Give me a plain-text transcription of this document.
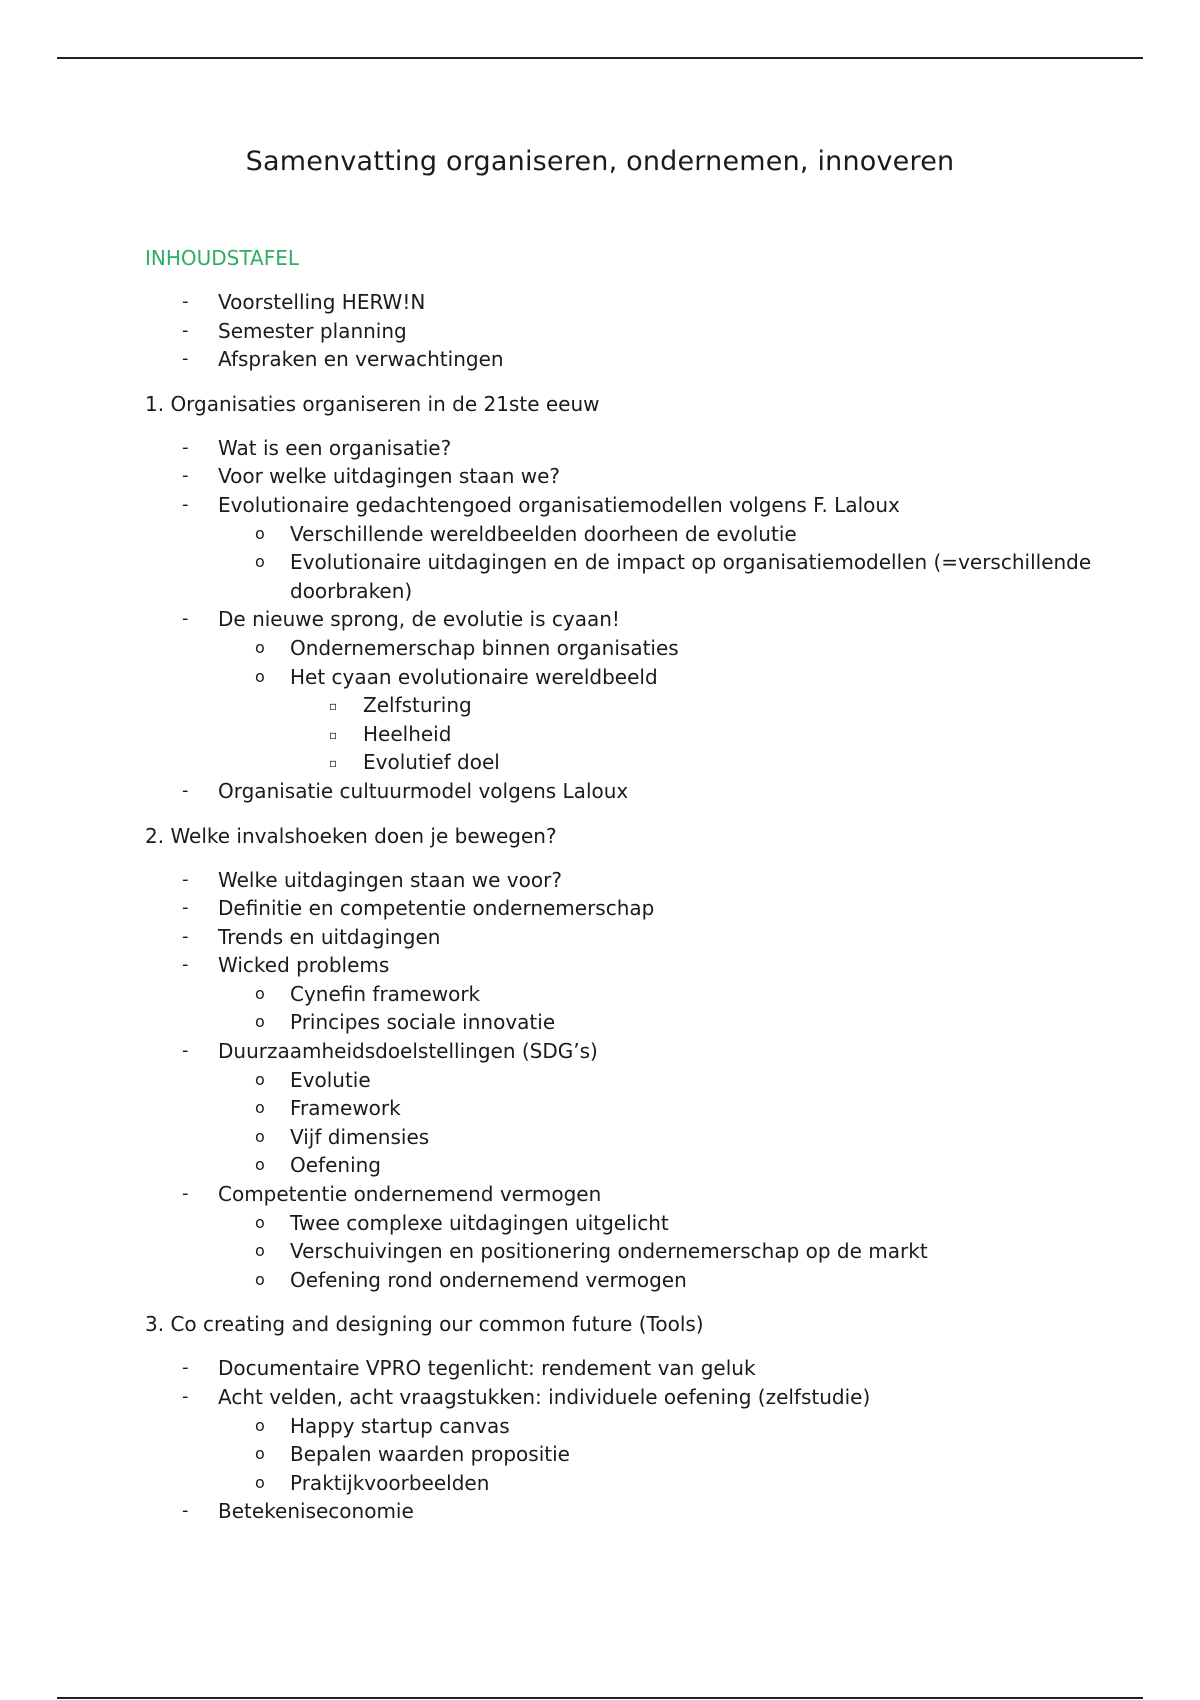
Samenvatting organiseren, ondernemen, innoveren
INHOUDSTAFEL
- Voorstelling HERW!N
- Semester planning
- Afspraken en verwachtingen
1. Organisaties organiseren in de 21ste eeuw
- Wat is een organisatie?
- Voor welke uitdagingen staan we?
- Evolutionaire gedachtengoed organisatiemodellen volgens F. Laloux
o Verschillende wereldbeelden doorheen de evolutie
o Evolutionaire uitdagingen en de impact op organisatiemodellen (=verschillende doorbraken)
- De nieuwe sprong, de evolutie is cyaan!
o Ondernemerschap binnen organisaties
o Het cyaan evolutionaire wereldbeeld
▫ Zelfsturing
▫ Heelheid
▫ Evolutief doel
- Organisatie cultuurmodel volgens Laloux
2. Welke invalshoeken doen je bewegen?
- Welke uitdagingen staan we voor?
- Definitie en competentie ondernemerschap
- Trends en uitdagingen
- Wicked problems
o Cynefin framework
o Principes sociale innovatie
- Duurzaamheidsdoelstellingen (SDG’s)
o Evolutie
o Framework
o Vijf dimensies
o Oefening
- Competentie ondernemend vermogen
o Twee complexe uitdagingen uitgelicht
o Verschuivingen en positionering ondernemerschap op de markt
o Oefening rond ondernemend vermogen
3. Co creating and designing our common future (Tools)
- Documentaire VPRO tegenlicht: rendement van geluk
- Acht velden, acht vraagstukken: individuele oefening (zelfstudie)
o Happy startup canvas
o Bepalen waarden propositie
o Praktijkvoorbeelden
- Betekeniseconomie
